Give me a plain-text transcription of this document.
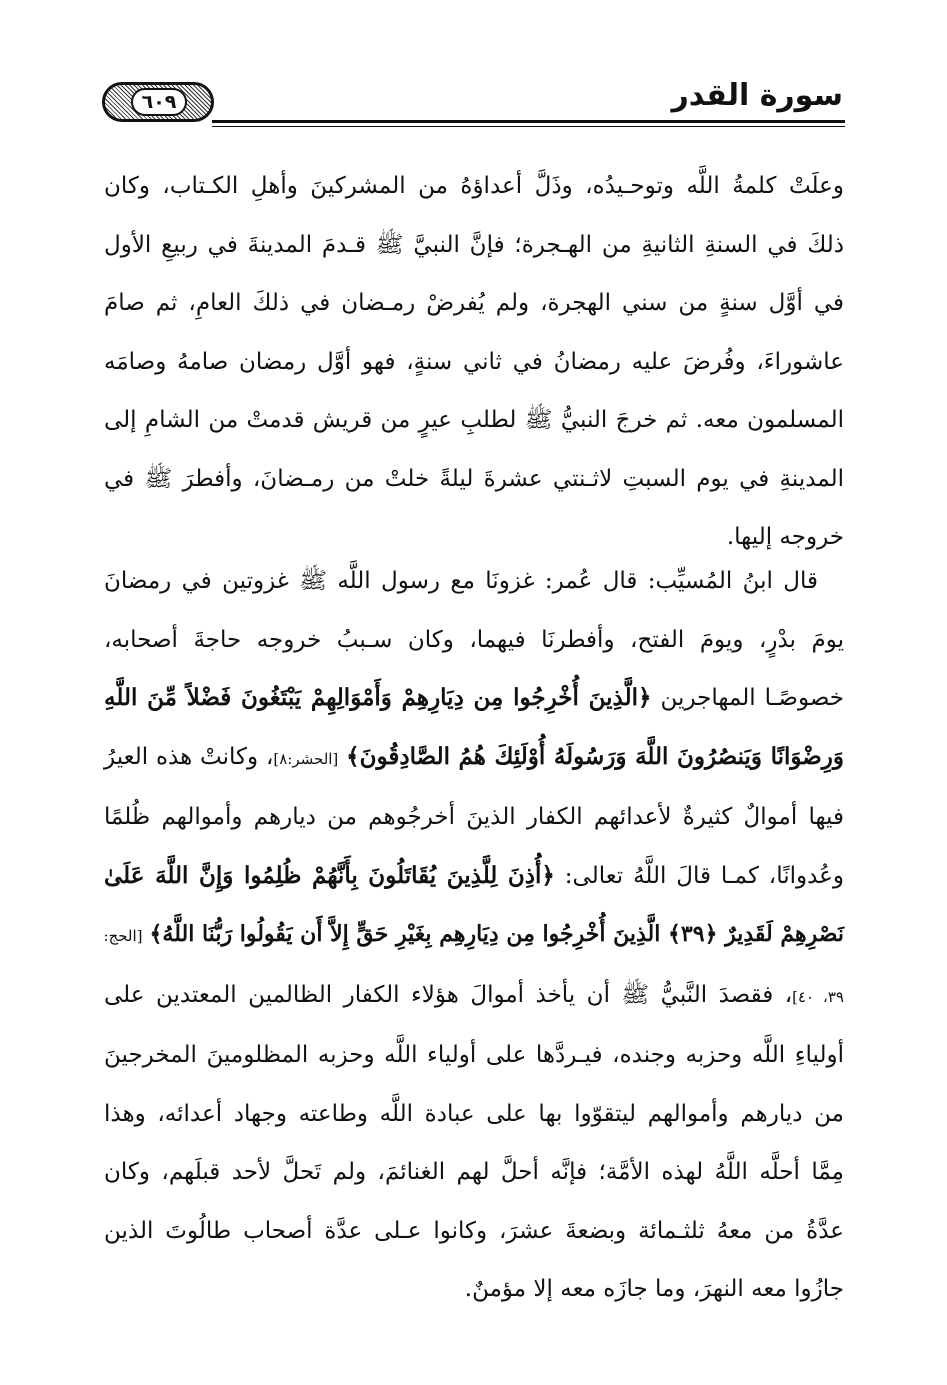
٦٠٩	سورة القدر
وعلَتْ كلمةُ اللَّه وتوحـيدُه، وذَلَّ أعداؤهُ من المشركينَ وأهلِ الكـتاب، وكان
ذلكَ في السنةِ الثانيةِ من الهـجرة؛ فإنَّ النبيَّ ﷺ قـدمَ المدينةَ في ربيعِ الأول
في أوَّل سنةٍ من سني الهجرة، ولم يُفرضْ رمـضان في ذلكَ العامِ، ثم صامَ
عاشوراءَ، وفُرضَ عليه رمضانُ في ثاني سنةٍ، فهو أوَّل رمضان صامهُ وصامَه
المسلمون معه. ثم خرجَ النبيُّ ﷺ لطلبِ عيرٍ من قريش قدمتْ من الشامِ إلى
المدينةِ في يوم السبتِ لاثـنتي عشرةَ ليلةً خلتْ من رمـضانَ، وأفطرَ ﷺ في
خروجه إليها.
قال ابنُ المُسيِّب: قال عُمر: غزونَا مع رسول اللَّه ﷺ غزوتين في رمضانَ
يومَ بدْرٍ، ويومَ الفتح، وأفطرنَا فيهما، وكان سـببُ خروجه حاجةَ أصحابه،
خصوصًـا المهاجرين ﴿الَّذِينَ أُخْرِجُوا مِن دِيَارِهِمْ وَأَمْوَالِهِمْ يَبْتَغُونَ فَضْلاً مِّنَ اللَّهِ
وَرِضْوَانًا وَيَنصُرُونَ اللَّهَ وَرَسُولَهُ أُوْلَئِكَ هُمُ الصَّادِقُونَ﴾ [الحشر:٨]، وكانتْ هذه العيرُ
فيها أموالٌ كثيرةٌ لأعدائهم الكفار الذينَ أخرجُوهم من ديارهم وأموالهم ظُلمًا
وعُدوانًا، كمـا قالَ اللَّهُ تعالى: ﴿أُذِنَ لِلَّذِينَ يُقَاتَلُونَ بِأَنَّهُمْ ظُلِمُوا وَإِنَّ اللَّهَ عَلَىٰ
نَصْرِهِمْ لَقَدِيرٌ ﴿٣٩﴾ الَّذِينَ أُخْرِجُوا مِن دِيَارِهِم بِغَيْرِ حَقٍّ إِلاَّ أَن يَقُولُوا رَبُّنَا اللَّهُ﴾ [الحج:
٣٩، ٤٠]، فقصدَ النَّبيُّ ﷺ أن يأخذ أموالَ هؤلاء الكفار الظالمين المعتدين على
أولياءِ اللَّه وحزبه وجنده، فيـردَّها على أولياء اللَّه وحزبه المظلومينَ المخرجينَ
من ديارهم وأموالهم ليتقوّوا بها على عبادة اللَّه وطاعته وجهاد أعدائه، وهذا
مِمَّا أحلَّه اللَّهُ لهذه الأمَّة؛ فإنَّه أحلَّ لهم الغنائمَ، ولم تَحلَّ لأحد قبلَهم، وكان
عدَّةُ من معهُ ثلثـمائة وبضعةَ عشرَ، وكانوا عـلى عدَّة أصحاب طالُوتَ الذين
جازُوا معه النهرَ، وما جازَه معه إلا مؤمنٌ.
